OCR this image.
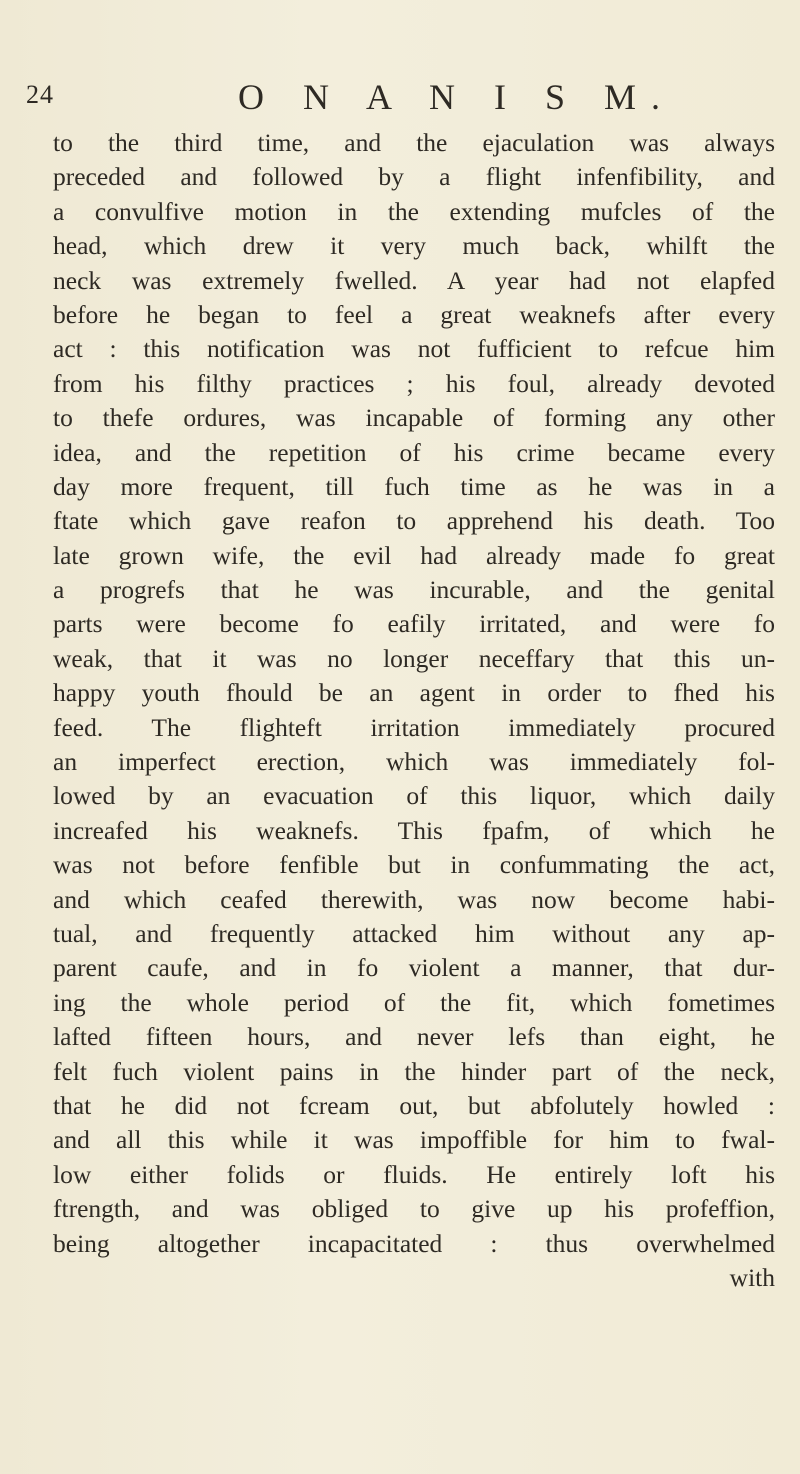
24	O N A N I S M.
to the third time, and the ejaculation was always
preceded and followed by a flight infenfibility, and
a convulfive motion in the extending mufcles of the
head, which drew it very much back, whilft the
neck was extremely fwelled. A year had not elapfed
before he began to feel a great weaknefs after every
act : this notification was not fufficient to refcue him
from his filthy practices ; his foul, already devoted
to thefe ordures, was incapable of forming any other
idea, and the repetition of his crime became every
day more frequent, till fuch time as he was in a
ftate which gave reafon to apprehend his death. Too
late grown wife, the evil had already made fo great
a progrefs that he was incurable, and the genital
parts were become fo eafily irritated, and were fo
weak, that it was no longer neceffary that this un-
happy youth fhould be an agent in order to fhed his
feed. The flighteft irritation immediately procured
an imperfect erection, which was immediately fol-
lowed by an evacuation of this liquor, which daily
increafed his weaknefs. This fpafm, of which he
was not before fenfible but in confummating the act,
and which ceafed therewith, was now become habi-
tual, and frequently attacked him without any ap-
parent caufe, and in fo violent a manner, that dur-
ing the whole period of the fit, which fometimes
lafted fifteen hours, and never lefs than eight, he
felt fuch violent pains in the hinder part of the neck,
that he did not fcream out, but abfolutely howled :
and all this while it was impoffible for him to fwal-
low either folids or fluids. He entirely loft his
ftrength, and was obliged to give up his profeffion,
being altogether incapacitated : thus overwhelmed
with
